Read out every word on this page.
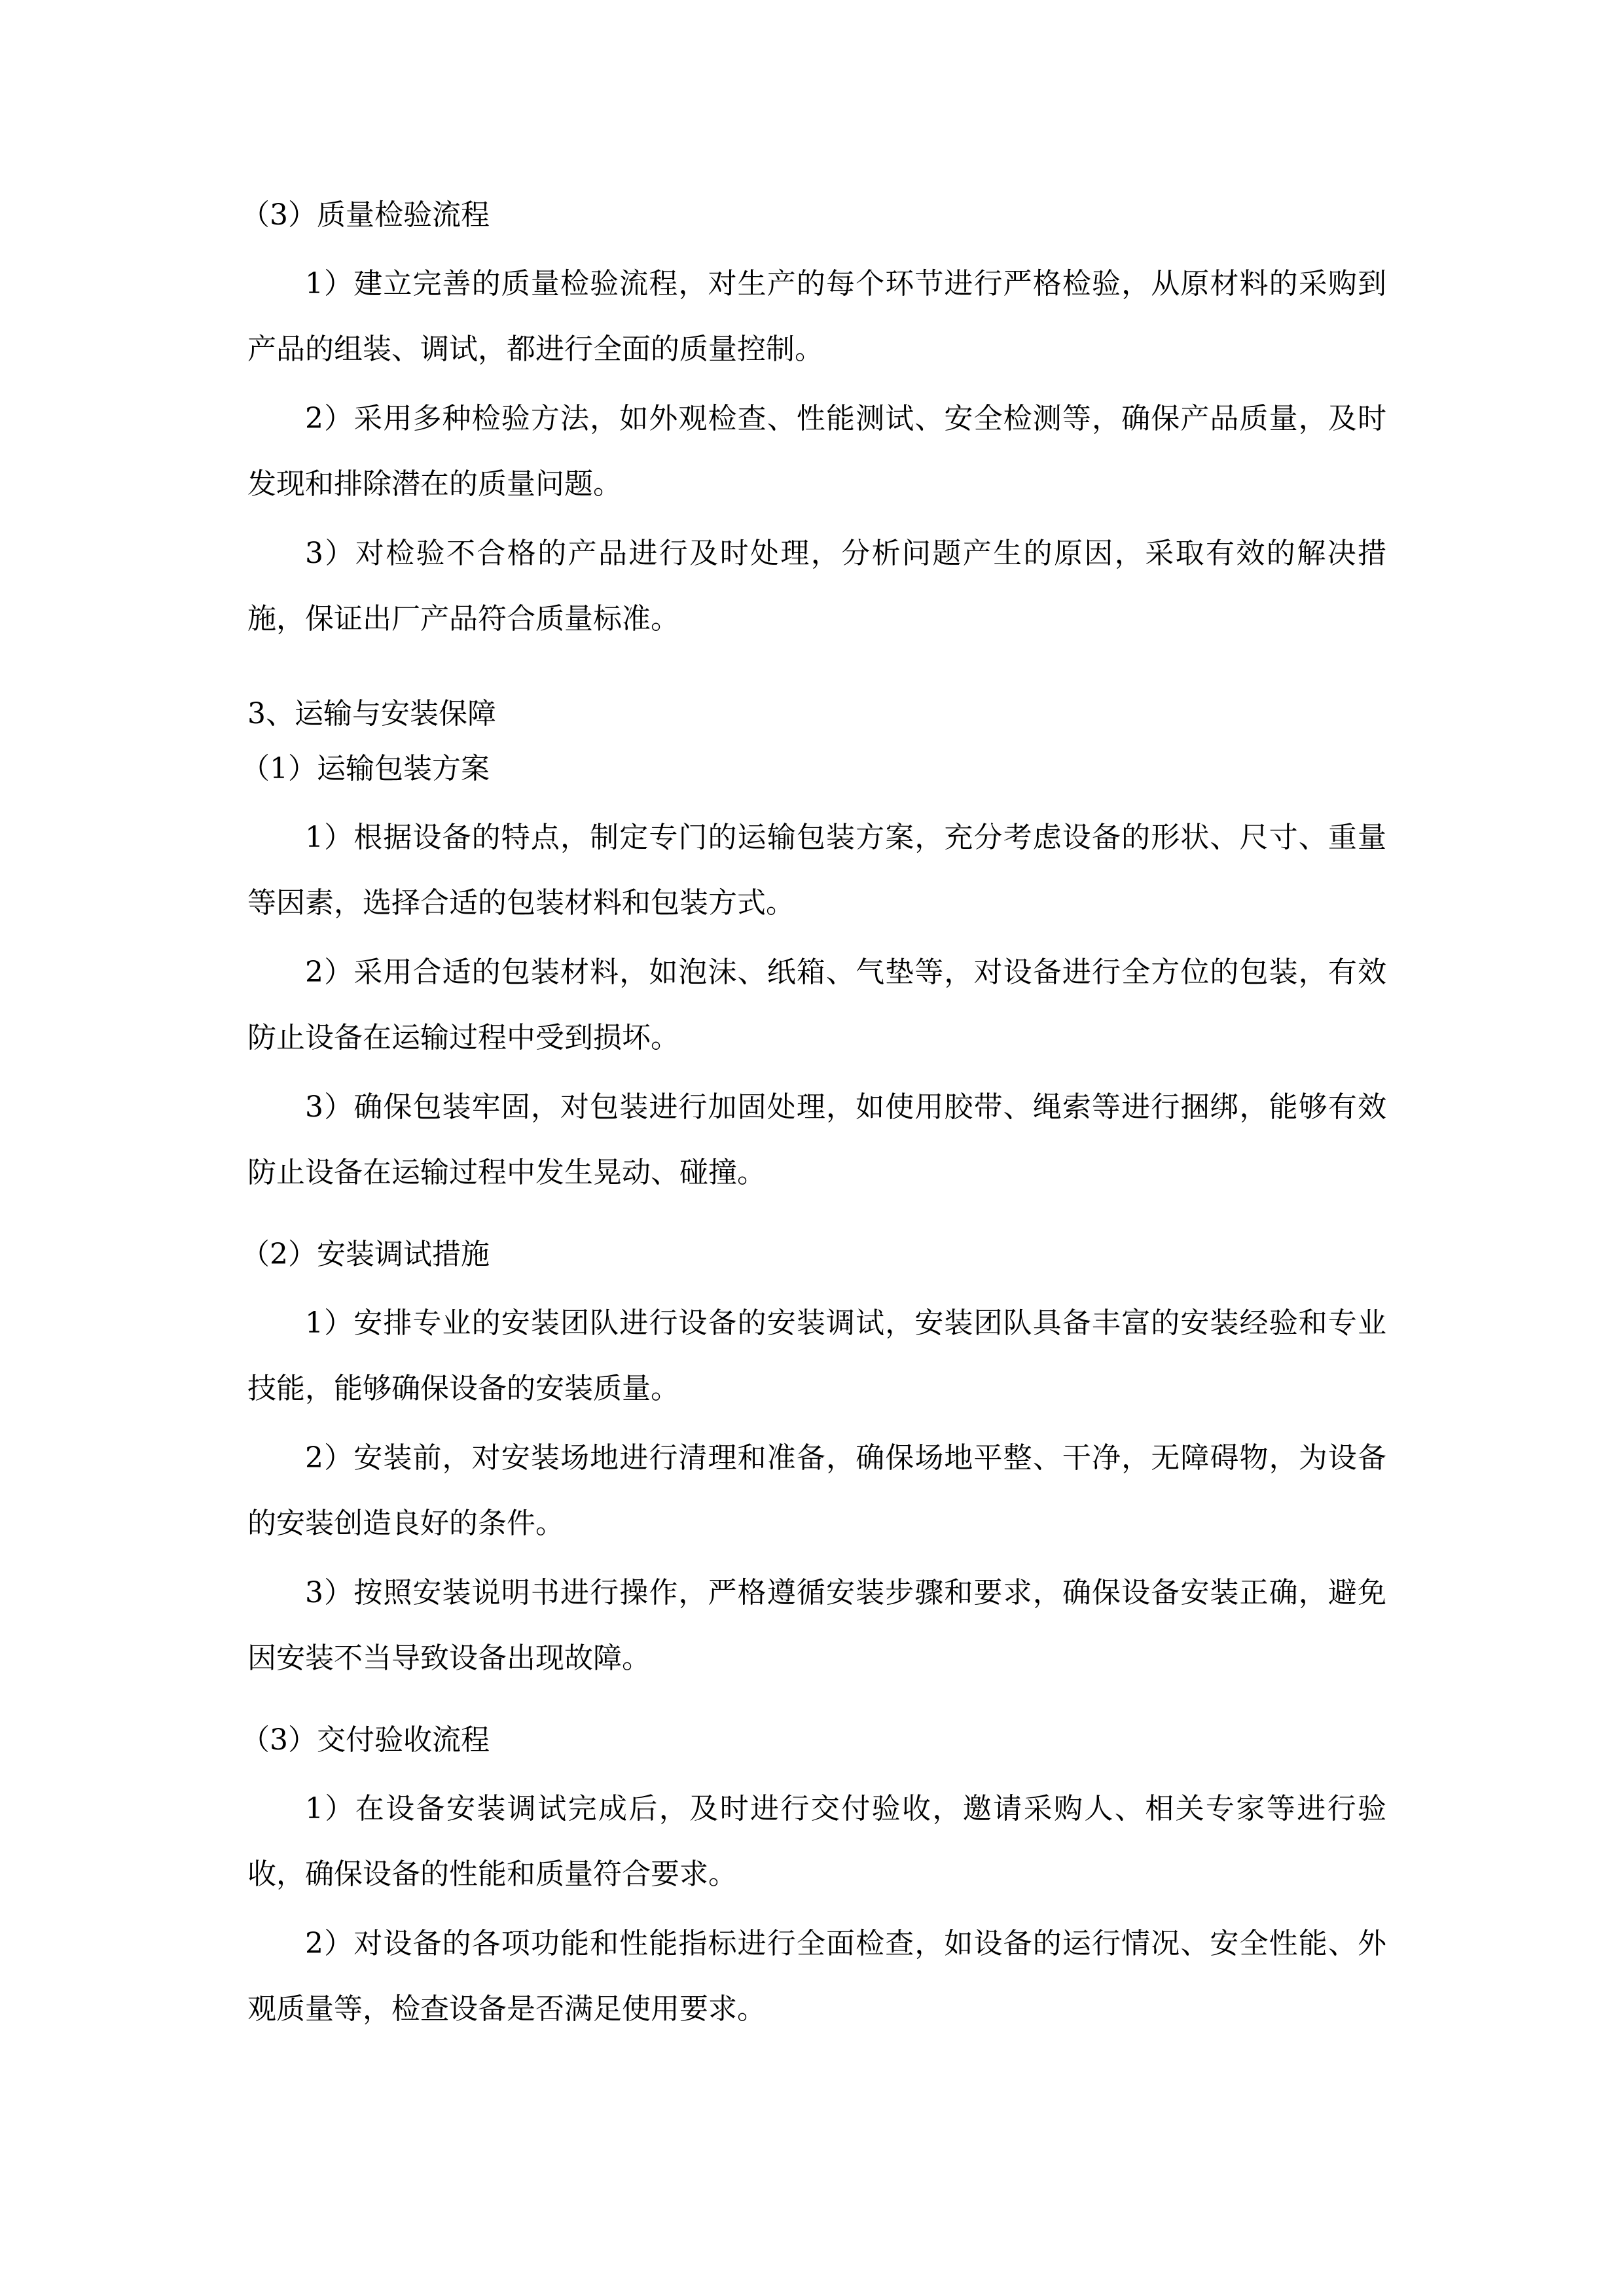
（3）质量检验流程

1）建立完善的质量检验流程，对生产的每个环节进行严格检验，从原材料的采购到产品的组装、调试，都进行全面的质量控制。

2）采用多种检验方法，如外观检查、性能测试、安全检测等，确保产品质量，及时发现和排除潜在的质量问题。

3）对检验不合格的产品进行及时处理，分析问题产生的原因，采取有效的解决措施，保证出厂产品符合质量标准。

3、运输与安装保障
（1）运输包装方案

1）根据设备的特点，制定专门的运输包装方案，充分考虑设备的形状、尺寸、重量等因素，选择合适的包装材料和包装方式。

2）采用合适的包装材料，如泡沫、纸箱、气垫等，对设备进行全方位的包装，有效防止设备在运输过程中受到损坏。

3）确保包装牢固，对包装进行加固处理，如使用胶带、绳索等进行捆绑，能够有效防止设备在运输过程中发生晃动、碰撞。

（2）安装调试措施

1）安排专业的安装团队进行设备的安装调试，安装团队具备丰富的安装经验和专业技能，能够确保设备的安装质量。

2）安装前，对安装场地进行清理和准备，确保场地平整、干净，无障碍物，为设备的安装创造良好的条件。

3）按照安装说明书进行操作，严格遵循安装步骤和要求，确保设备安装正确，避免因安装不当导致设备出现故障。

（3）交付验收流程

1）在设备安装调试完成后，及时进行交付验收，邀请采购人、相关专家等进行验收，确保设备的性能和质量符合要求。

2）对设备的各项功能和性能指标进行全面检查，如设备的运行情况、安全性能、外观质量等，检查设备是否满足使用要求。
